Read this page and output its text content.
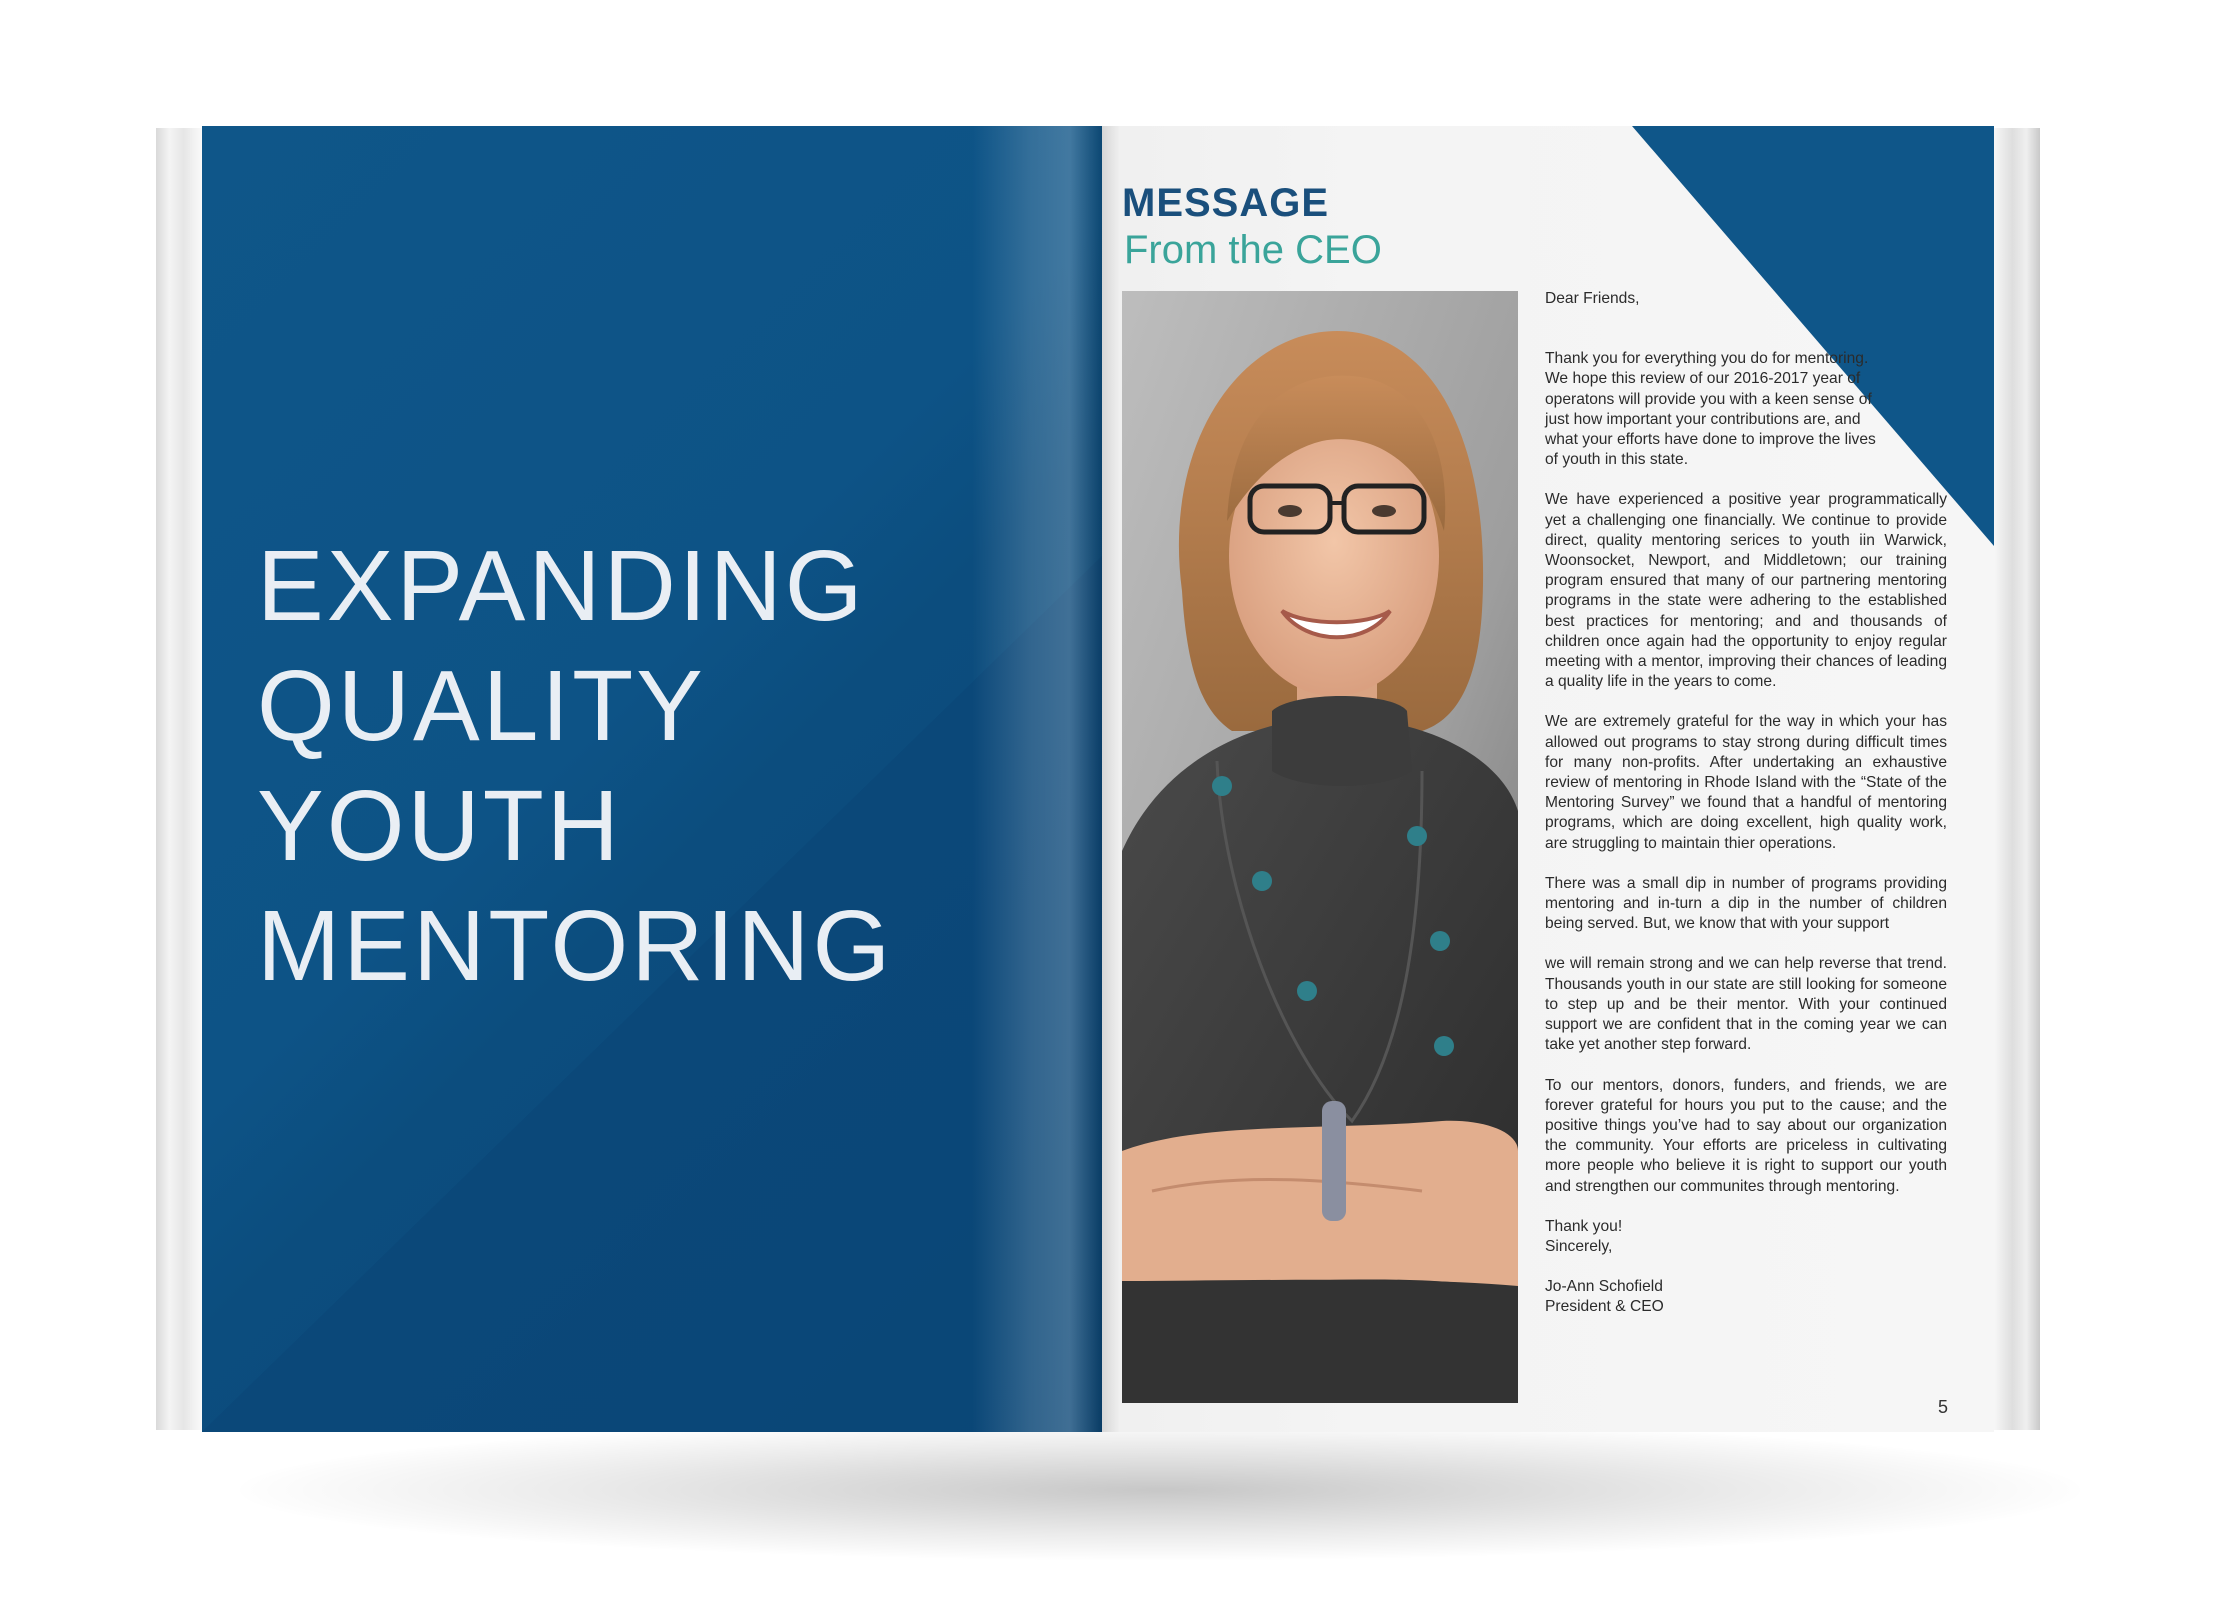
EXPANDING
QUALITY
YOUTH
MENTORING
MESSAGE
From the CEO

Dear Friends,

Thank you for everything you do for mentoring. We hope this review of our 2016-2017 year of operatons will provide you with a keen sense of just how important your contributions are, and what your efforts have done to improve the lives of youth in this state.

We have experienced a positive year programmatically yet a challenging one financially. We continue to provide direct, quality mentoring serices to youth iin Warwick, Woonsocket, Newport, and Middletown; our training program ensured that many of our partnering mentoring programs in the state were adhering to the established best practices for mentoring; and and thousands of children once again had the opportunity to enjoy regular meeting with a mentor, improving their chances of leading a quality life in the years to come.

We are extremely grateful for the way in which your has allowed out programs to stay strong during difficult times for many non-profits. After undertaking an exhaustive review of mentoring in Rhode Island with the “State of the Mentoring Survey” we found that a handful of mentoring programs, which are doing excellent, high quality work, are struggling to maintain thier operations.

There was a small dip in number of programs providing mentoring and in-turn a dip in the number of children being served. But, we know that with your support

we will remain strong and we can help reverse that trend. Thousands youth in our state are still looking for someone to step up and be their mentor. With your continued support we are confident that in the coming year we can take yet another step forward.

To our mentors, donors, funders, and friends, we are forever grateful for hours you put to the cause; and the positive things you’ve had to say about our organization the community. Your efforts are priceless in cultivating more people who believe it is right to support our youth and strengthen our communites through mentoring.

Thank you!

Sincerely,

Jo-Ann Schofield

President & CEO

5
